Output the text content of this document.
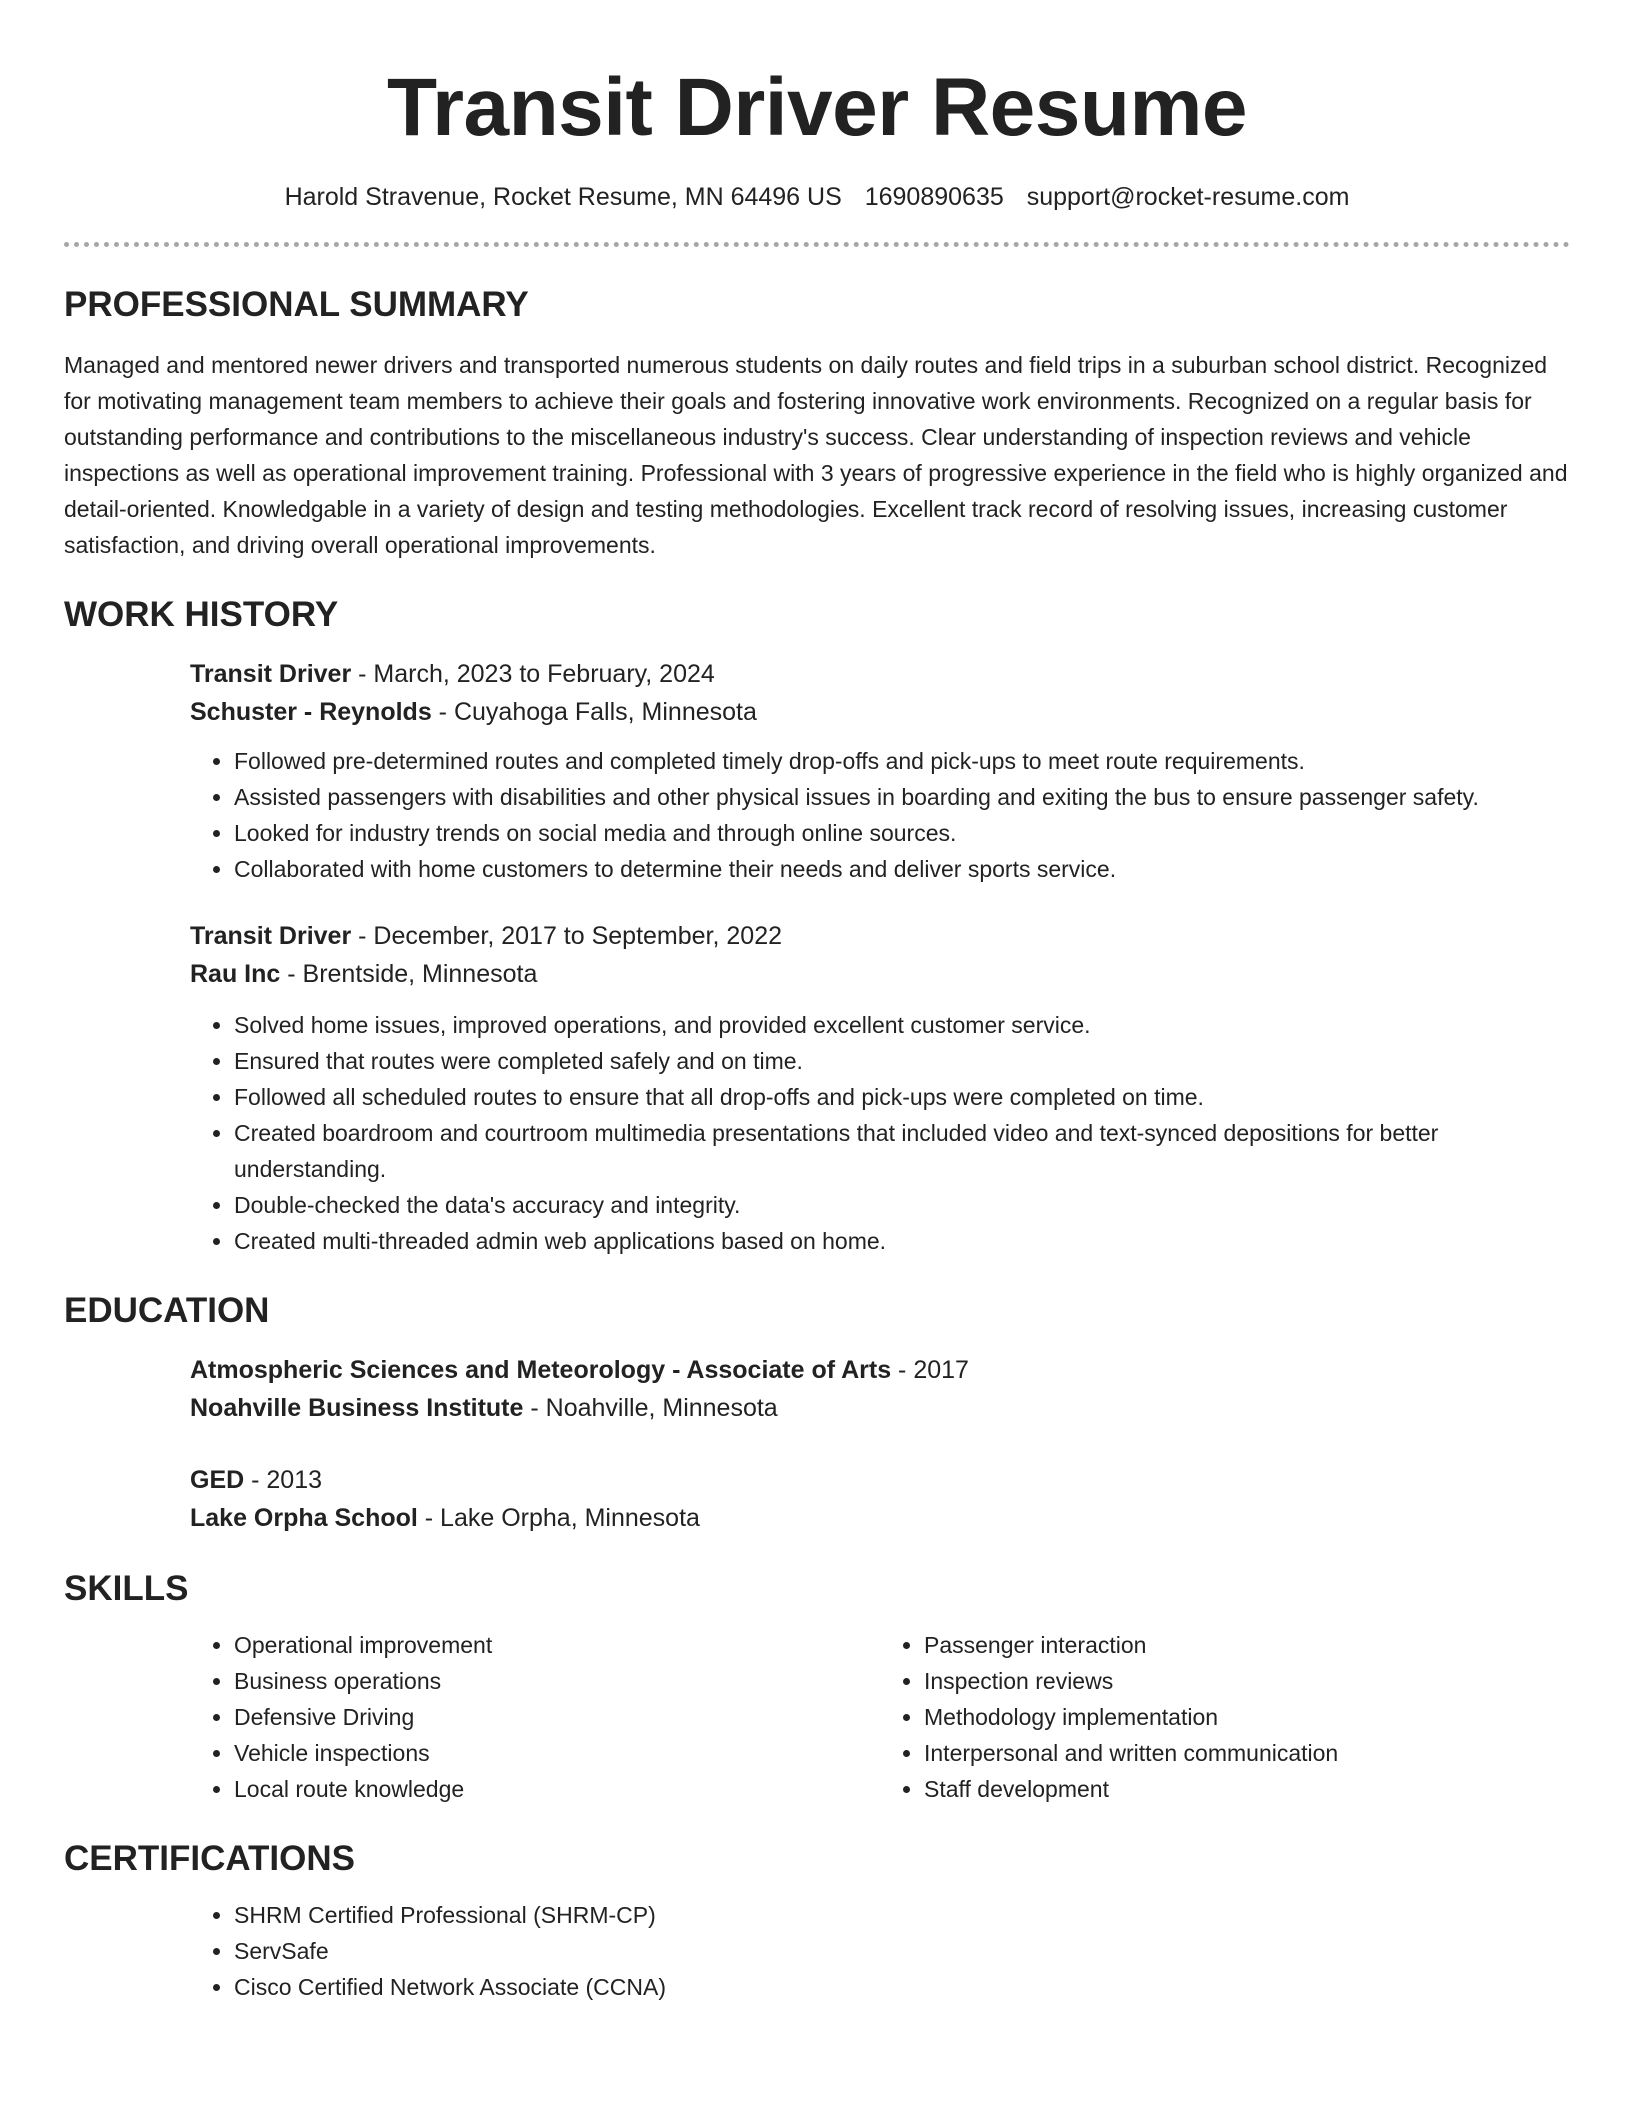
Transit Driver Resume
Harold Stravenue, Rocket Resume, MN 64496 US 1690890635 support@rocket-resume.com
PROFESSIONAL SUMMARY

Managed and mentored newer drivers and transported numerous students on daily routes and field trips in a suburban school district. Recognized for motivating management team members to achieve their goals and fostering innovative work environments. Recognized on a regular basis for outstanding performance and contributions to the miscellaneous industry's success. Clear understanding of inspection reviews and vehicle inspections as well as operational improvement training. Professional with 3 years of progressive experience in the field who is highly organized and detail-oriented. Knowledgable in a variety of design and testing methodologies. Excellent track record of resolving issues, increasing customer satisfaction, and driving overall operational improvements.

WORK HISTORY
Transit Driver - March, 2023 to February, 2024
Schuster - Reynolds - Cuyahoga Falls, Minnesota
• Followed pre-determined routes and completed timely drop-offs and pick-ups to meet route requirements.
• Assisted passengers with disabilities and other physical issues in boarding and exiting the bus to ensure passenger safety.
• Looked for industry trends on social media and through online sources.
• Collaborated with home customers to determine their needs and deliver sports service.
Transit Driver - December, 2017 to September, 2022
Rau Inc - Brentside, Minnesota
• Solved home issues, improved operations, and provided excellent customer service.
• Ensured that routes were completed safely and on time.
• Followed all scheduled routes to ensure that all drop-offs and pick-ups were completed on time.
• Created boardroom and courtroom multimedia presentations that included video and text-synced depositions for better understanding.
• Double-checked the data's accuracy and integrity.
• Created multi-threaded admin web applications based on home.
EDUCATION
Atmospheric Sciences and Meteorology - Associate of Arts - 2017
Noahville Business Institute - Noahville, Minnesota
GED - 2013
Lake Orpha School - Lake Orpha, Minnesota
SKILLS
• Operational improvement
• Business operations
• Defensive Driving
• Vehicle inspections
• Local route knowledge
• Passenger interaction
• Inspection reviews
• Methodology implementation
• Interpersonal and written communication
• Staff development
CERTIFICATIONS
• SHRM Certified Professional (SHRM-CP)
• ServSafe
• Cisco Certified Network Associate (CCNA)
